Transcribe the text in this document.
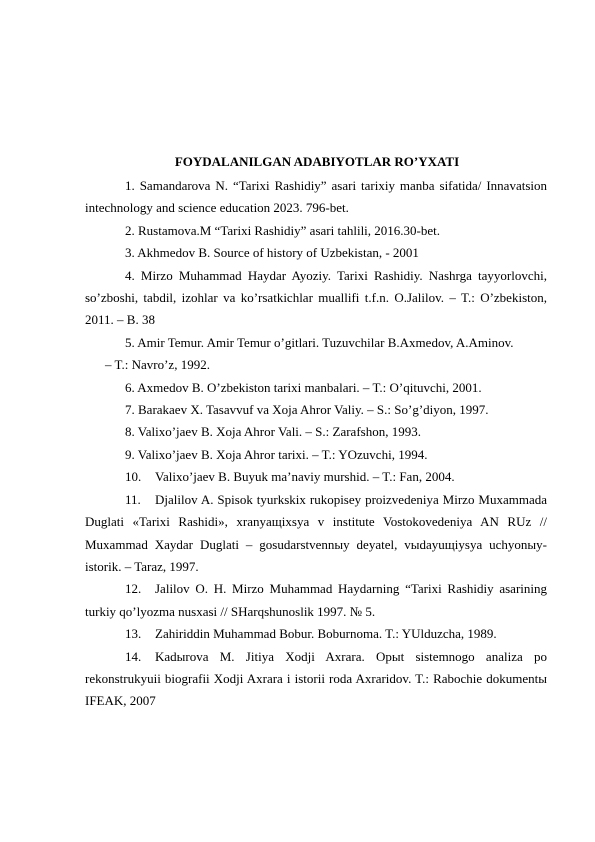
FOYDALANILGAN ADABIYOTLAR RO’YXATI

1. Samandarova N. “Tarixi Rashidiy” asari tarixiy manba sifatida/ Innavatsion intechnology and science education 2023. 796-bet.

2. Rustamova.M “Tarixi Rashidiy” asari tahlili, 2016.30-bet.

3. Akhmedov B. Source of history of Uzbekistan, - 2001

4. Mirzo Muhammad Haydar Ayoziy. Tarixi Rashidiy. Nashrga tayyorlovchi, so’zboshi, tabdil, izohlar va ko’rsatkichlar muallifi t.f.n. O.Jalilov. – T.: O’zbekiston, 2011. – B. 38

5. Amir Temur. Amir Temur o’gitlari. Tuzuvchilar B.Axmedov, A.Aminov.

– T.: Navro’z, 1992.

6. Axmedov B. O’zbekiston tarixi manbalari. – T.: O’qituvchi, 2001.

7. Barakaev X. Tasavvuf va Xoja Ahror Valiy. – S.: So’g’diyon, 1997.

8. Valixo’jaev B. Xoja Ahror Vali. – S.: Zarafshon, 1993.

9. Valixo’jaev B. Xoja Ahror tarixi. – T.: YOzuvchi, 1994.

10. Valixo’jaev B. Buyuk ma’naviy murshid. – T.: Fan, 2004.

11. Djalilov A. Spisok tyurkskix rukopisey proizvedeniya Mirzo Muxammada Duglati «Tarixi Rashidi», xranyaщixsya v institute Vostokovedeniya AN RUz // Muxammad Xaydar Duglati – gosudarstvennыy deyatel, vыdayuщiysya uchyonыy-istorik. – Taraz, 1997.

12. Jalilov O. H. Mirzo Muhammad Haydarning “Tarixi Rashidiy asarining turkiy qo’lyozma nusxasi // SHarqshunoslik 1997. № 5.

13. Zahiriddin Muhammad Bobur. Boburnoma. T.: YUlduzcha, 1989.

14. Kadыrova M. Jitiya Xodji Axrara. Opыt sistemnogo analiza po rekonstrukyuii biografii Xodji Axrara i istorii roda Axraridov. T.: Rabochie dokumentы IFEAK, 2007
